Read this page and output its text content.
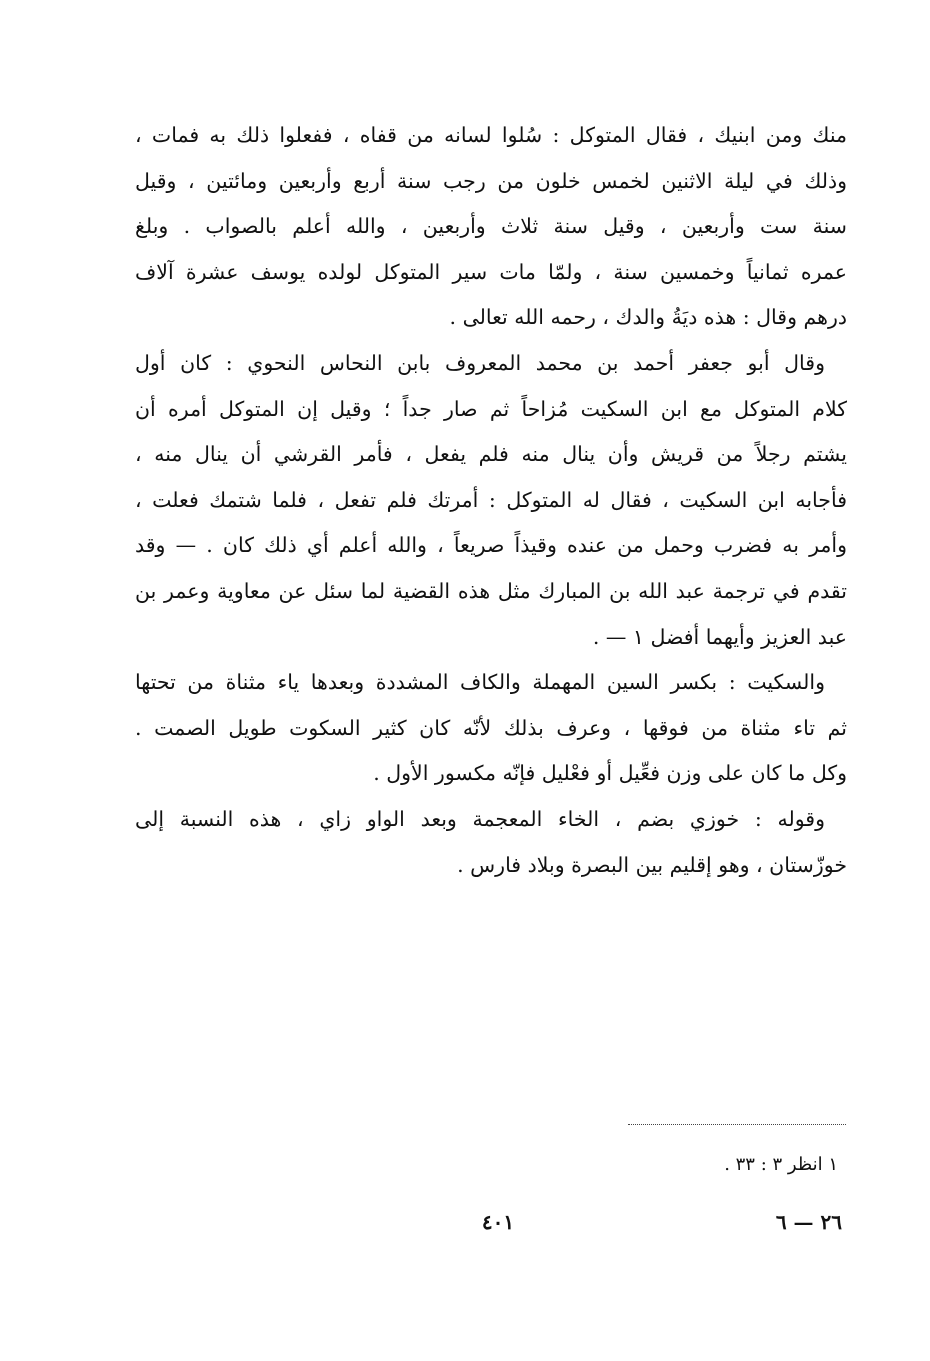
منك ومن ابنيك ، فقال المتوكل : سُلوا لسانه من قفاه ، ففعلوا ذلك به فمات ،
وذلك في ليلة الاثنين لخمس خلون من رجب سنة أربع وأربعين ومائتين ، وقيل
سنة ست وأربعين ، وقيل سنة ثلاث وأربعين ، والله أعلم بالصواب . وبلغ
عمره ثمانياً وخمسين سنة ، ولمّا مات سير المتوكل لولده يوسف عشرة آلاف
درهم وقال : هذه ديَةُ والدك ، رحمه الله تعالى .
وقال أبو جعفر أحمد بن محمد المعروف بابن النحاس النحوي : كان أول
كلام المتوكل مع ابن السكيت مُزاحاً ثم صار جداً ؛ وقيل إن المتوكل أمره أن
يشتم رجلاً من قريش وأن ينال منه فلم يفعل ، فأمر القرشي أن ينال منه ،
فأجابه ابن السكيت ، فقال له المتوكل : أمرتك فلم تفعل ، فلما شتمك فعلت ،
وأمر به فضرب وحمل من عنده وقيذاً صريعاً ، والله أعلم أي ذلك كان . — وقد
تقدم في ترجمة عبد الله بن المبارك مثل هذه القضية لما سئل عن معاوية وعمر بن
عبد العزيز وأيهما أفضل ١ — .
والسكيت : بكسر السين المهملة والكاف المشددة وبعدها ياء مثناة من تحتها
ثم تاء مثناة من فوقها ، وعرف بذلك لأنّه كان كثير السكوت طويل الصمت .
وكل ما كان على وزن فعِّيل أو فعْليل فإنّه مكسور الأول .
وقوله : خوزي بضم ، الخاء المعجمة وبعد الواو زاي ، هذه النسبة إلى
خوزّستان ، وهو إقليم بين البصرة وبلاد فارس .
١ انظر ٣ : ٣٣ .
٤٠١	٢٦ — ٦
